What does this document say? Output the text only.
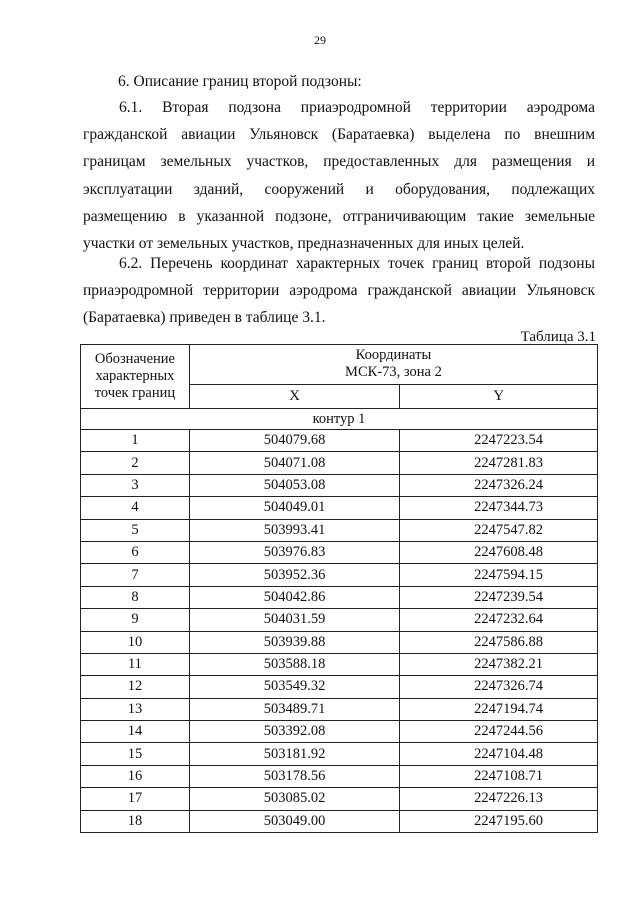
29
6. Описание границ второй подзоны:
6.1. Вторая подзона приаэродромной территории аэродрома гражданской авиации Ульяновск (Баратаевка) выделена по внешним границам земельных участков, предоставленных для размещения и эксплуатации зданий, сооружений и оборудования, подлежащих размещению в указанной подзоне, отграничивающим такие земельные участки от земельных участков, предназначенных для иных целей.
6.2. Перечень координат характерных точек границ второй подзоны приаэродромной территории аэродрома гражданской авиации Ульяновск (Баратаевка) приведен в таблице 3.1.
Таблица 3.1
Обозначение характерных точек границ	Координаты
МСК-73, зона 2	

	X	Y
контур 1		
1	504079.68	2247223.54
2	504071.08	2247281.83
3	504053.08	2247326.24
4	504049.01	2247344.73
5	503993.41	2247547.82
6	503976.83	2247608.48
7	503952.36	2247594.15
8	504042.86	2247239.54
9	504031.59	2247232.64
10	503939.88	2247586.88
11	503588.18	2247382.21
12	503549.32	2247326.74
13	503489.71	2247194.74
14	503392.08	2247244.56
15	503181.92	2247104.48
16	503178.56	2247108.71
17	503085.02	2247226.13
18	503049.00	2247195.60
